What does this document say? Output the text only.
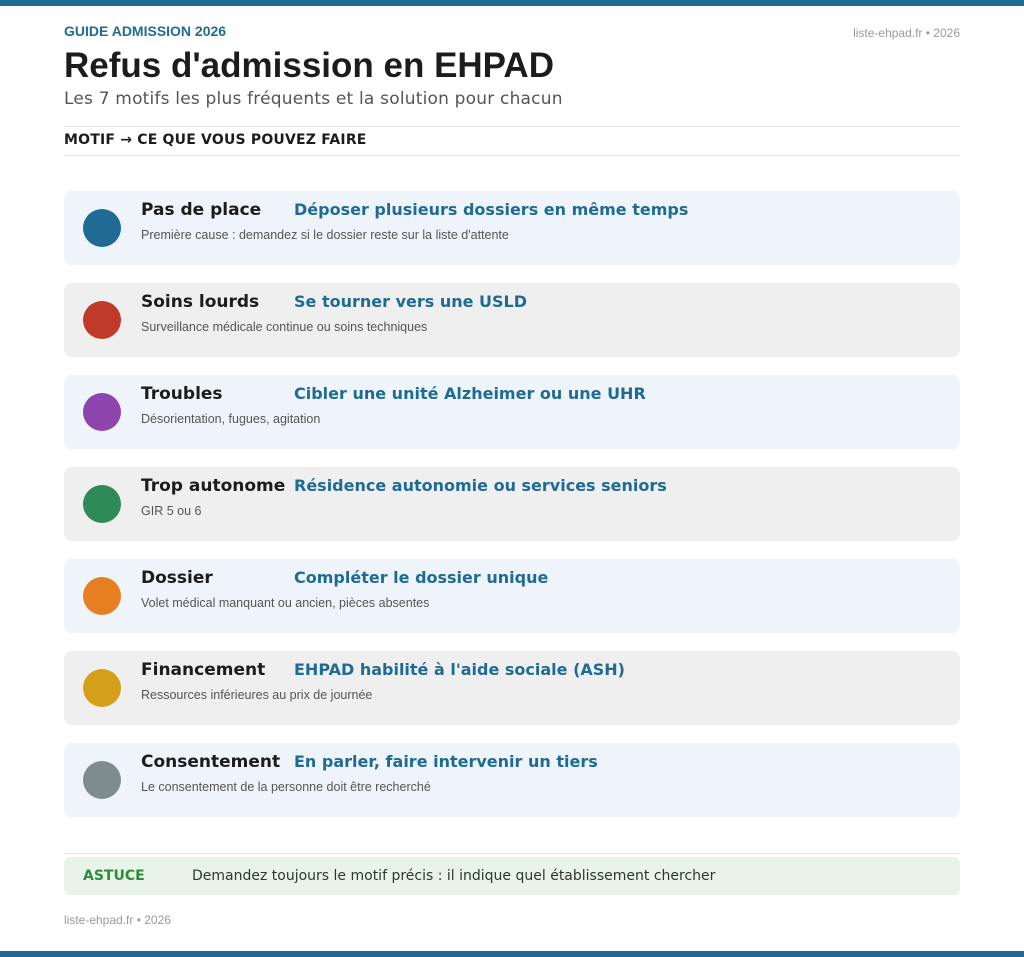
GUIDE ADMISSION 2026	liste-ehpad.fr • 2026
Refus d'admission en EHPAD
Les 7 motifs les plus fréquents et la solution pour chacun
MOTIF → CE QUE VOUS POUVEZ FAIRE
Pas de place Déposer plusieurs dossiers en même temps
Première cause : demandez si le dossier reste sur la liste d'attente
Soins lourds Se tourner vers une USLD
Surveillance médicale continue ou soins techniques
Troubles	Cibler une unité Alzheimer ou une UHR
Désorientation, fugues, agitation
Trop autonome Résidence autonomie ou services seniors
GIR 5 ou 6
Dossier	Compléter le dossier unique
Volet médical manquant ou ancien, pièces absentes
Financement EHPAD habilité à l'aide sociale (ASH)
Ressources inférieures au prix de journée
Consentement En parler, faire intervenir un tiers
Le consentement de la personne doit être recherché
ASTUCE	Demandez toujours le motif précis : il indique quel établissement chercher
liste-ehpad.fr • 2026
